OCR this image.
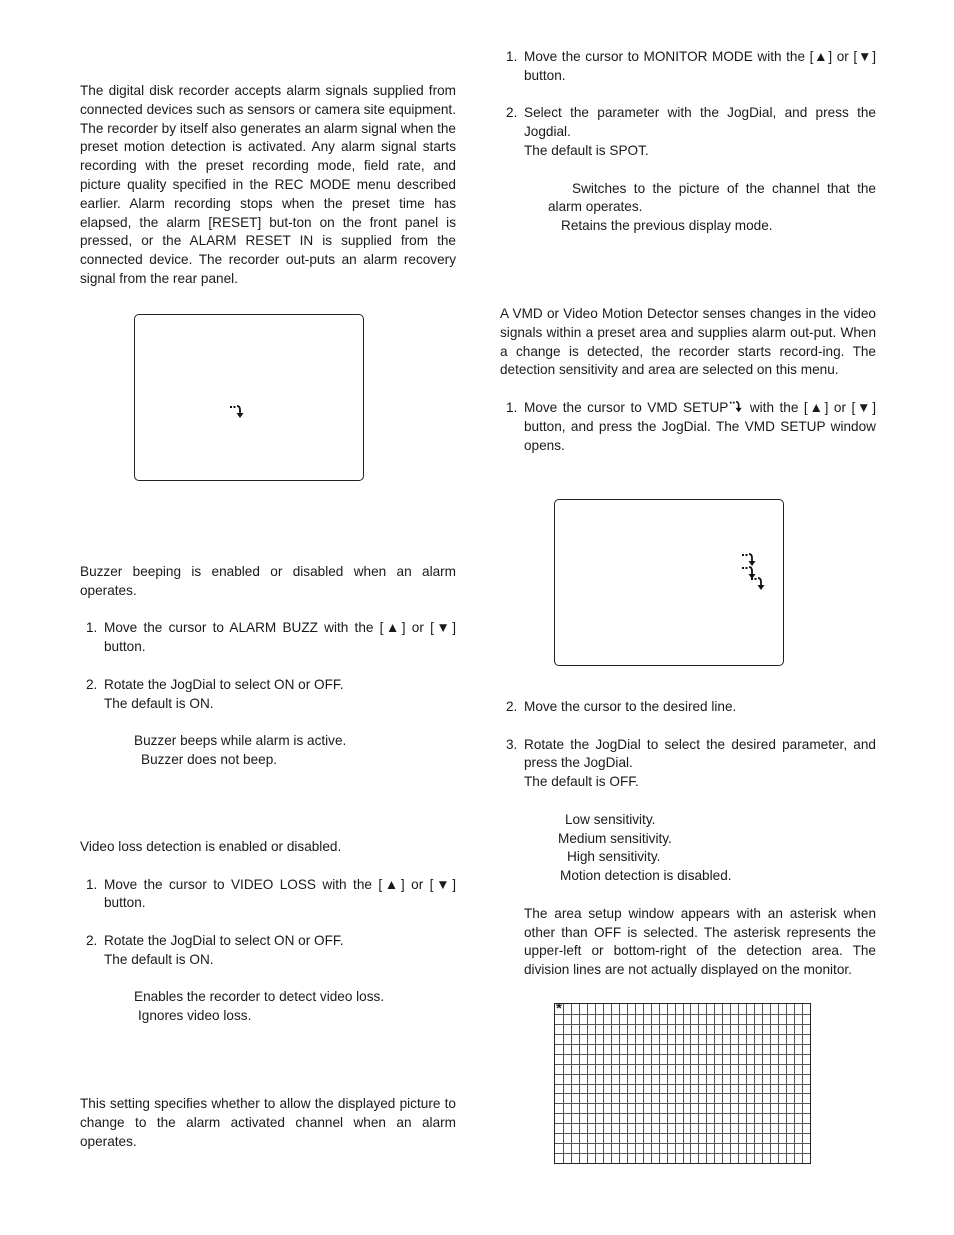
The digital disk recorder accepts alarm signals supplied from connected devices such as sensors or camera site equipment. The recorder by itself also generates an alarm signal when the preset motion detection is activated. Any alarm signal starts recording with the preset recording mode, field rate, and picture quality specified in the REC MODE menu described earlier. Alarm recording stops when the preset time has elapsed, the alarm [RESET] but-ton on the front panel is pressed, or the ALARM RESET IN is supplied from the connected device. The recorder out-puts an alarm recovery signal from the rear panel.

Buzzer beeping is enabled or disabled when an alarm operates.

1. Move the cursor to ALARM BUZZ with the [▲] or [▼] button.
2. Rotate the JogDial to select ON or OFF.

The default is ON.

Buzzer beeps while alarm is active.

Buzzer does not beep.

Video loss detection is enabled or disabled.

1. Move the cursor to VIDEO LOSS with the [▲] or [▼] button.
2. Rotate the JogDial to select ON or OFF.

The default is ON.

Enables the recorder to detect video loss.

Ignores video loss.

This setting specifies whether to allow the displayed picture to change to the alarm activated channel when an alarm operates.

1. Move the cursor to MONITOR MODE with the [▲] or [▼] button.
2. Select the parameter with the JogDial, and press the Jogdial.

The default is SPOT.

Switches to the picture of the channel that the alarm operates.

Retains the previous display mode.

A VMD or Video Motion Detector senses changes in the video signals within a preset area and supplies alarm out-put. When a change is detected, the recorder starts record-ing. The detection sensitivity and area are selected on this menu.

1. Move the cursor to VMD SETUP with the [▲] or [▼] button, and press the JogDial. The VMD SETUP window opens.
2. Move the cursor to the desired line.
3. Rotate the JogDial to select the desired parameter, and press the JogDial.

The default is OFF.

Low sensitivity.

Medium sensitivity.

High sensitivity.

Motion detection is disabled.

The area setup window appears with an asterisk when other than OFF is selected. The asterisk represents the upper-left or bottom-right of the detection area. The division lines are not actually displayed on the monitor.

*
